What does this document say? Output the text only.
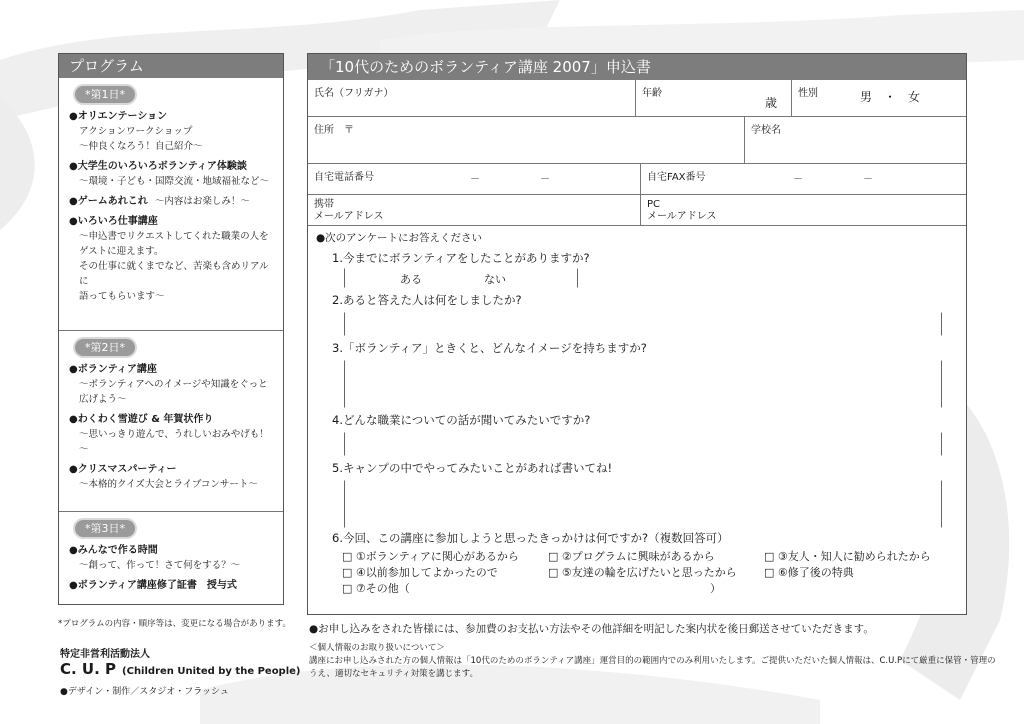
プログラム
*第1日*
●オリエンテーション
アクションワークショップ
～仲良くなろう！自己紹介～
●大学生のいろいろボランティア体験談
～環境・子ども・国際交流・地域福祉など～
●ゲームあれこれ ～内容はお楽しみ！～
●いろいろ仕事講座
～申込書でリクエストしてくれた職業の人を
ゲストに迎えます。
その仕事に就くまでなど、苦楽も含めリアルに
語ってもらいます～
*第2日*
●ボランティア講座
～ボランティアへのイメージや知識をぐっと
広げよう～
●わくわく雪遊び & 年賀状作り
～思いっきり遊んで、うれしいおみやげも！～
●クリスマスパーティー
～本格的クイズ大会とライブコンサート～
*第3日*
●みんなで作る時間
～創って、作って！さて何をする？～
●ボランティア講座修了証書　授与式
*プログラムの内容・順序等は、変更になる場合があります。
特定非営利活動法人
C. U. P (Children United by the People)
●デザイン・制作／スタジオ・フラッシュ
「10代のためのボランティア講座 2007」申込書
氏名（フリガナ）	年齢
歳
性別	男　・　女
住所　〒	学校名
自宅電話番号	－	－	自宅FAX番号	－	－
携帯
メールアドレス
PC
メールアドレス
●次のアンケートにお答えください
1.今までにボランティアをしたことがありますか?
ある	ない
2.あると答えた人は何をしましたか?
3.「ボランティア」ときくと、どんなイメージを持ちますか?
4.どんな職業についての話が聞いてみたいですか?
5.キャンプの中でやってみたいことがあれば書いてね!
6.今回、この講座に参加しようと思ったきっかけは何ですか?（複数回答可）
□ ①ボランティアに関心があるから	□ ②プログラムに興味があるから	□ ③友人・知人に勧められたから
□ ④以前参加してよかったので	□ ⑤友達の輪を広げたいと思ったから □ ⑥修了後の特典
□ ⑦その他（	）
●お申し込みをされた皆様には、参加費のお支払い方法やその他詳細を明記した案内状を後日郵送させていただきます。
＜個人情報のお取り扱いについて＞
講座にお申し込みされた方の個人情報は「10代のためのボランティア講座」運営目的の範囲内でのみ利用いたします。ご提供いただいた個人情報は、C.U.Pにて厳重に保管・管理のうえ、適切なセキュリティ対策を講じます。
